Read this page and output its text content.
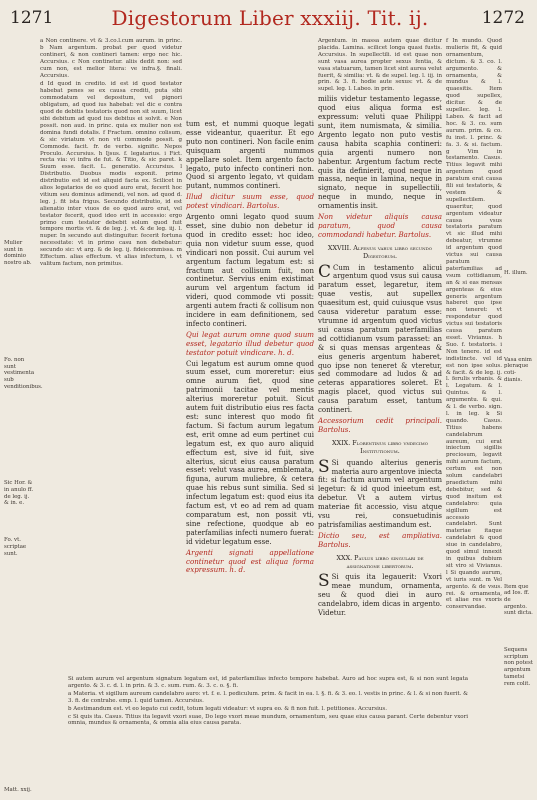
1271	Digestorum Liber xxxiij. Tit. ij.	1272
Mulier sunt in dominio nostro ab.
Fo. non sunt vestimenta sub venditionibus.
Sic Hor. & in anulo ff. de leg. ij. & in. e.
Fo. vt. scriptae sunt.
Matt. xxij.
H. illum.
Vasa enim pleraque coti-dianis.
Item que ad Ios. ff. de argento. sunt dicta.
Sequens scriptum non potest argentum tametsi rem colit.

a Non continere. vt & 3.co.l.cum aurum. in princ. b Nam argentum. probat per quod videtur contineri, & non contineri tamen: ergo nec hic. Accursius. c Non continetur. aliis dedit non: sed cum non, est melior litera: ve infra.§. finali. Accursius.

d Id quod in credito. id est id quod testator habebat penes se ex causa crediti, puta sibi commodatum vel depositum, vel pignori obligatum, ad quod ius habebat: vel dic e contra quod de debitis testatoris quod non sit suum, licet sibi debitum ad quod ius debitus ei solvit. e Non possit. non aud. in princ. quia ex mulier non est domina fundi dotalis. f Fractum. omnino colisum, & sic viriatum vt non vti commode possit. g Commode. facit. fr. de verbo. signific. Nepos Proculo. Accursius. h Ijsus. f. legatarius. i Fict. recta via: vi infra de fut. & Titio, & sic paret. k Suum esse. facit. L. generatio. Accursius. l Distributio. Duobus modis exponit. primo distributio est id est aliquid facta ex. Scilicet in alios legatarios de eo quod auro erat, fecerit hoc vitium seu dominus adimendi, vel non. ad quod d. leg. j. fit ista frigus. Secundo distributio, id est alienatio inter viuos de eo quod auro erat, vel testator fecerit, quod ideo erit in accessio: ergo primo cum testator debebit solum quod fuit tempore mortis vt. & de leg. j. vt. & de leg. iij. l. nuper. In secundo aut distinguitur. fecerit fortuna necessitate: vt in primo casu non debebatur: secundo sic: vt arg. & de leg. ij. fideicommissa. m Effectum. alias effectum. vt alias infectum, i. vt valitum factum, non primitus.

tum est, et nummi quoque legati esse videantur, quaeritur. Et ego puto non contineri. Non facile enim quisquam argenti nummos appellare solet. Item argento facto legato, puto infecto contineri non. Quod si argento legato, vt quidam putant, nummos contineri.

Illud dicitur suum esse, quod potest vindicari. Bartolus.

Argento omni legato quod suum esset, sine dubio non debetur id quod in credito esset: hoc ideo, quia non videtur suum esse, quod vindicari non possit. Cui aurum vel argentum factum legatum est: si fractum aut collisum fuit, non continetur. Servius enim existimat aurum vel argentum factum id videri, quod commode vti possit: argenti autem fracti & collisum non incidere in eam definitionem, sed infecto contineri.

Qui legat aurum omne quod suum esset, legatario illud debetur quod testator potuit vindicare. h. d.

Cui legatum est aurum omne quod suum esset, cum moreretur: eius omne aurum fiet, quod sine patrimonii tacitae vel mentis alterius moreretur potuit. Sicut autem fuit distributio eius res facta est: sunc interest quo modo fit factum. Si factum aurum legatum est, erit omne ad eum pertinet cui legatum est, ex quo auro aliquid effectum est, sive id fuit, sive alterius, sicut eius causa paratum esset: velut vasa aurea, emblemata, figuna, aurum muliebre, & cetera quae his rebus sunt similia. Sed si infectum legatum est: quod eius ita factum est, vt eo ad rem ad quam comparatum est, non possit vti, sine refectione, quodque ab eo paterfamilias infecti numero fuerat: id videtur legatum esse.

Argenti signati appellatione continetur quod est aliqua forma expressum. h. d.

Argentum. in massa autem quae dicitur placida. Lamina. scilicet longa quasi fustis. Accursius. In supellectili. id est quae non sunt vasa aurea propter sexus fentia, & vasa statuarum, tamen licet sint aurea velut fuerit, & similia: vt. & de supel. leg. l. iij. in prin. & 3. fi. hodie aute sexus: vt. & de supel. leg. l. Labeo. in prin.

miliis videtur testamento legasse, quod eius aliqua forma est expressum: veluti quae Philippi sunt, item numismata, & similia. Argento legato non puto vestis causa habita scaphia contineri: quia argenti numero non habentur. Argentum factum recte quis ita definierit, quod neque in massa, neque in lamina, neque in signato, neque in supellectili, neque in mundo, neque in ornamentis insit.

Non videtur aliquis causa paratum, quod causa commodandi habetur. Bartolus.

XXVIII. Alfenus varus libro secundo Digestorum.

C Cum in testamento alicui argentum quod vsus sui causa paratum esset, legaretur, item quae vestis, aut supellex quaesitum est, quid cuiusque vsus causa videretur paratum esse: vtrumne id argentum quod victus sui causa paratum paterfamilias ad cottidianum vsum parasset: an & si quas mensas argenteas & eius generis argentum haberet, quo ipse non teneret & vteretur, sed commodare ad ludos & ad ceteras apparatiores soleret. Et magis placet, quod victus sui causa paratum esset, tantum contineri.

Accessorium cedit principali. Bartolus.

XXIX. Florentinus libro vndecimo Institutionum.

S Si quando alterius generis materia auro argentove iniecta fit: si factum aurum vel argentum legetur: & id quod inieetum est, debetur. Vt a autem virtus materiae fit accessio, visu atque vsu rei, consuetudinis patrisfamilias aestimandum est.

Dictio seu, est ampliativa. Bartolus.

XXX. Paulus libro singulari de assignatione libertorum.

S Si quis ita legauerit: Vxori meae mundum, ornamenta, seu & quod diei in auro candelabro, idem dicas in argento. Videtur.

f In mundo. Quod mulieris fit, & quid ornamentum, dictum. & 3. co. l. argumento. & ornamenta, & mundus & l. quaesitis. Item quod supellex, dicitur. & de supellec. leg. l. Labeo. & facit ad hoc. & 3. co. sum aurum. prim. & co. fu inst. l. princ. & fa. 3. & si. factum. g Vim in testamento. Casus. Titius legavit mihi argentum quod paratum erat causa fili sui testatoris, & vestem & supellectilem. quaeritur, quod argentum videatur causa vsus testatoris paratum vt sic illud mihi debeatur, vtrumne id argentum quod victus sui causa paratum paterfamilias ad vsum cottidianum, an & si eas mensas argenteas & eius generis argentum haberet quo ipse non teneret: vt respondetur quod victus sui testatoris causa paratum esset. Vivianus. h Suo. f. testatoris. i Non tenere. id est indistincte. vel id est non ipse solus. & facit. & de leg. ij. l. ferulis vrbanis. & l. Legatum. & l. Quintus. & l. argumentu. & qui. & l. de verbo. sign. l. in leg. k Si quando. Casus. Titius habens candelabrum aureum, cui erat iniectum sigillis preciosum, legavit mihi aurum factum, certum est non solum candelabri praedictum mihi debebitur, sed & quod insitum est candelabro: quia sigillum est accessio candelabri. Sunt materiae itaque candelabri & quod siue in candelabro, quod simul innexit in quibus dubium sit viro si Vivianus. l Si quando aurum, vt iuris sunt. m Vel argento. & de vsus. rei. & ornamenta, et aliae res vxoris conservandae.

Si autem aurum vel argentum signatum legatum est, id paterfamilias infecto tempore habebat. Auro ad hoc supra est, & si non sunt legata argento. & 3. c. d. l. in prin. & 3. c. sum. rum. &. 3. c. o. §. fi.

a Materia. vt sigillum aureum candelabro auro: vt. f. e. l. pediculum. prim. & facit in ea. l. §. fi. & 3. eo. l. vestis in princ. & l. & si non fuerit. & 3. fi. de contrahe. emp. l. quid tamen. Accursius.

b Aestimandum est. vt eo legato cui cedit, totum legati videatur: vt supra eo. & fi non fuit. l. petitiones. Accursius.

c Si quis ita. Casus. Titius ita legavit vxori suae, Do lego vxori meae mundum, ornamentum, seu quae eius causa parant. Certe debentur vxori omnia, mundus & ornamenta, & omnia alia eius causa parata.
